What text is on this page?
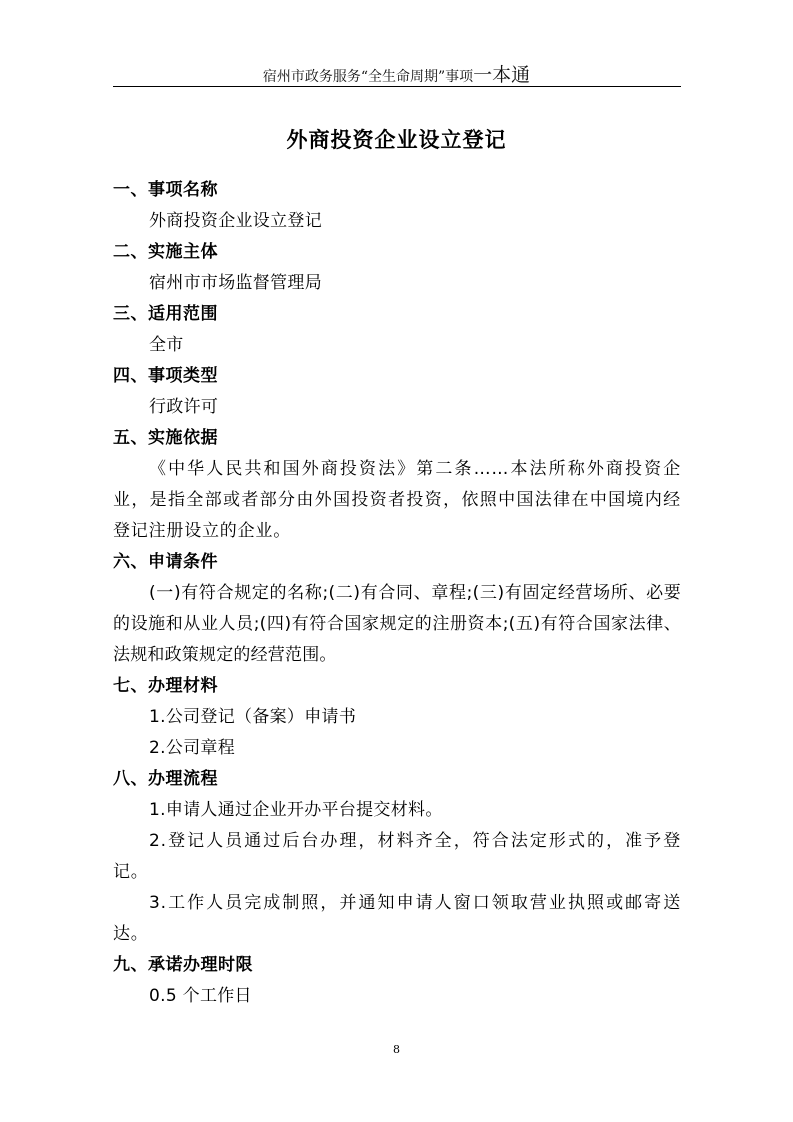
宿州市政务服务“全生命周期”事项一本通
外商投资企业设立登记
一、事项名称
外商投资企业设立登记
二、实施主体
宿州市市场监督管理局
三、适用范围
全市
四、事项类型
行政许可
五、实施依据
《中华人民共和国外商投资法》第二条……本法所称外商投资企业，是指全部或者部分由外国投资者投资，依照中国法律在中国境内经登记注册设立的企业。
六、申请条件
(一)有符合规定的名称;(二)有合同、章程;(三)有固定经营场所、必要的设施和从业人员;(四)有符合国家规定的注册资本;(五)有符合国家法律、法规和政策规定的经营范围。
七、办理材料
1.公司登记（备案）申请书
2.公司章程
八、办理流程
1.申请人通过企业开办平台提交材料。
2.登记人员通过后台办理，材料齐全，符合法定形式的，准予登记。
3.工作人员完成制照，并通知申请人窗口领取营业执照或邮寄送达。
九、承诺办理时限
0.5 个工作日
8
